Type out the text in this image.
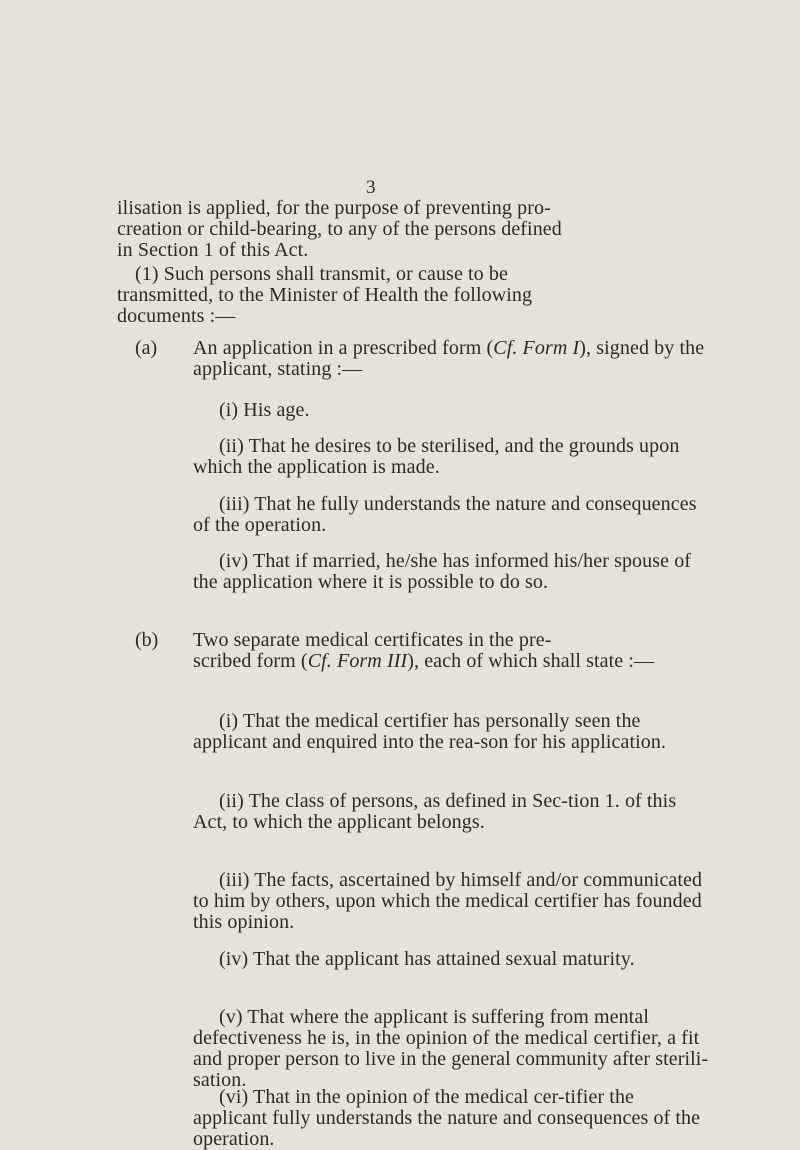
3

ilisation is applied, for the purpose of preventing pro-
creation or child-bearing, to any of the persons defined
in Section 1 of this Act.

(1) Such persons shall transmit, or cause to be
transmitted, to the Minister of Health the following
documents :—

(a) An application in a prescribed form (Cf. Form I), signed by the applicant, stating :—

(i) His age.

(ii) That he desires to be sterilised, and the grounds upon which the application is made.

(iii) That he fully understands the nature and consequences of the operation.

(iv) That if married, he/she has informed his/her spouse of the application where it is possible to do so.

(b) Two separate medical certificates in the pre-
scribed form (Cf. Form III), each of which shall state :—

(i) That the medical certifier has personally seen the applicant and enquired into the rea-son for his application.

(ii) The class of persons, as defined in Sec-tion 1. of this Act, to which the applicant belongs.

(iii) The facts, ascertained by himself and/or communicated to him by others, upon which the medical certifier has founded this opinion.

(iv) That the applicant has attained sexual maturity.

(v) That where the applicant is suffering from mental defectiveness he is, in the opinion of the medical certifier, a fit and proper person to live in the general community after sterili-sation.

(vi) That in the opinion of the medical cer-tifier the applicant fully understands the nature and consequences of the operation.
